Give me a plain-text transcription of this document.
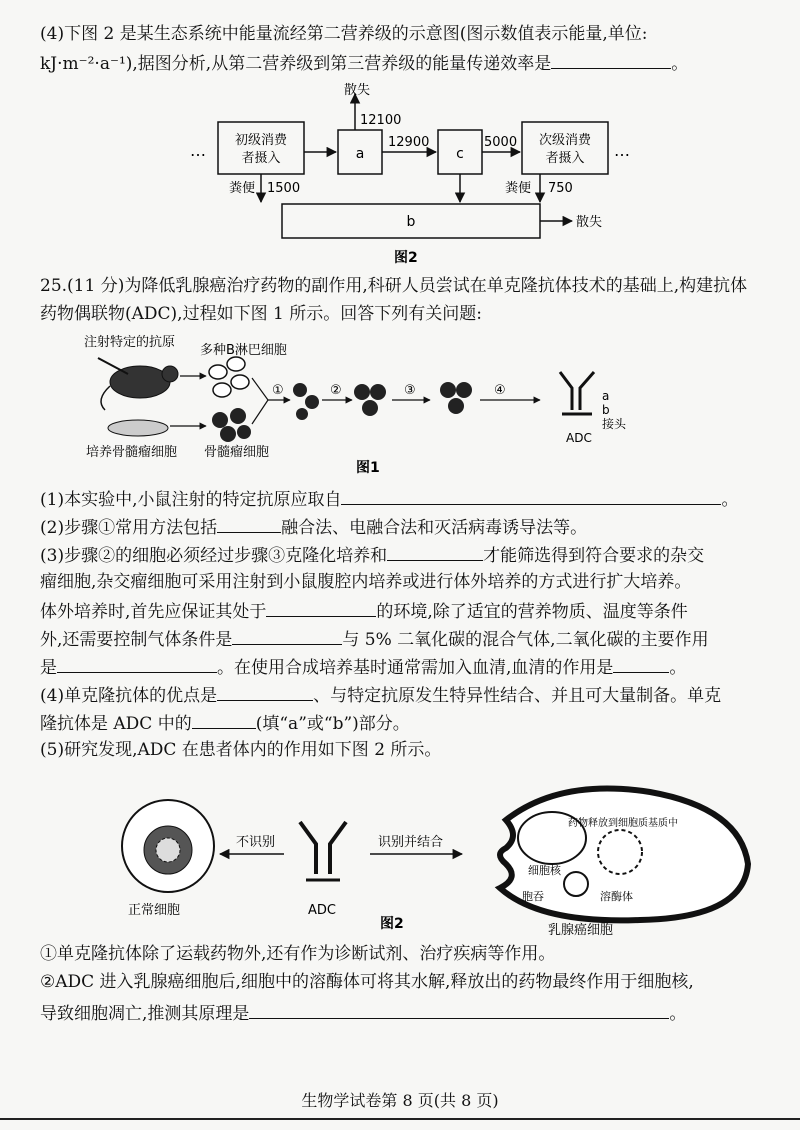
(4)下图 2 是某生态系统中能量流经第二营养级的示意图(图示数值表示能量,单位:
kJ·m⁻²·a⁻¹),据图分析,从第二营养级到第三营养级的能量传递效率是	。
…	…
初级消费
者摄入
次级消费
者摄入
a	c
b
散失
散失
12100
12900	5000
粪便 1500	粪便 750
图2
25.(11 分)为降低乳腺癌治疗药物的副作用,科研人员尝试在单克隆抗体技术的基础上,构建抗体
药物偶联物(ADC),过程如下图 1 所示。回答下列有关问题:
a
b
接头
ADC
注射特定的抗原
多种B淋巴细胞
培养骨髓瘤细胞 骨髓瘤细胞
①	②	③	④
图1
(1)本实验中,小鼠注射的特定抗原应取自	。
(2)步骤①常用方法包括	融合法、电融合法和灭活病毒诱导法等。
(3)步骤②的细胞必须经过步骤③克隆化培养和	才能筛选得到符合要求的杂交
瘤细胞,杂交瘤细胞可采用注射到小鼠腹腔内培养或进行体外培养的方式进行扩大培养。
体外培养时,首先应保证其处于	的环境,除了适宜的营养物质、温度等条件
外,还需要控制气体条件是	与 5% 二氧化碳的混合气体,二氧化碳的主要作用
是	。在使用合成培养基时通常需加入血清,血清的作用是	。
(4)单克隆抗体的优点是	、与特定抗原发生特异性结合、并且可大量制备。单克
隆抗体是 ADC 中的	(填“a”或“b”)部分。
(5)研究发现,ADC 在患者体内的作用如下图 2 所示。
细胞核
药物释放到细胞质基质中
胞吞	溶酶体
正常细胞	ADC
不识别	识别并结合
乳腺癌细胞
图2
①单克隆抗体除了运载药物外,还有作为诊断试剂、治疗疾病等作用。
②ADC 进入乳腺癌细胞后,细胞中的溶酶体可将其水解,释放出的药物最终作用于细胞核,
导致细胞凋亡,推测其原理是	。
生物学试卷第 8 页(共 8 页)
